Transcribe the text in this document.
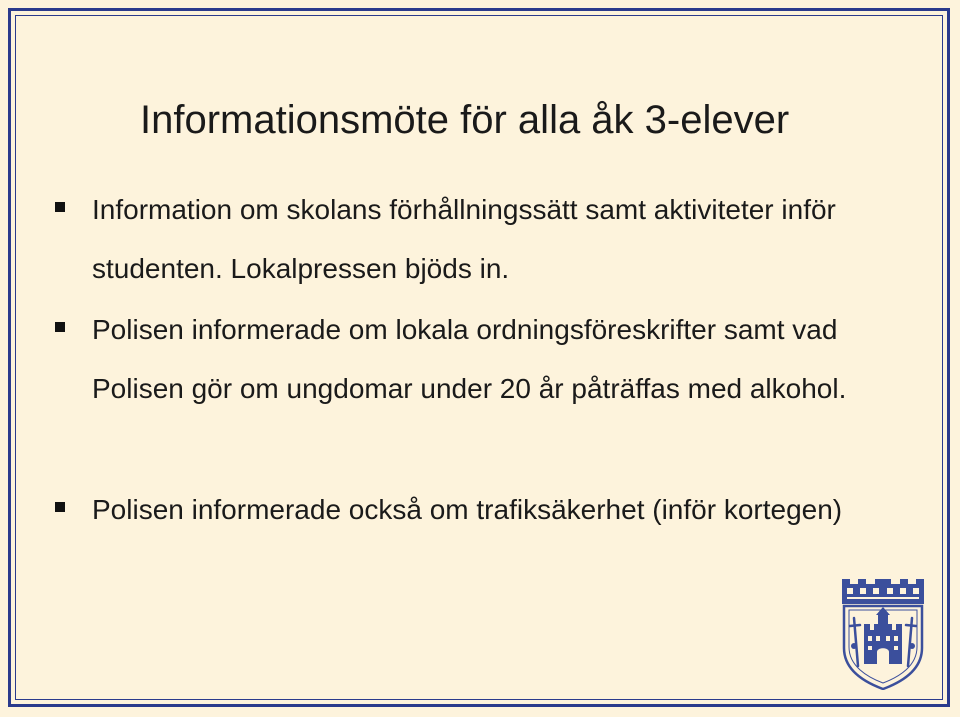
Informationsmöte för alla åk 3-elever
Information om skolans förhållningssätt samt aktiviteter inför studenten. Lokalpressen bjöds in.
Polisen informerade om lokala ordningsföreskrifter samt vad Polisen gör om ungdomar under 20 år påträffas med alkohol.
Polisen informerade också om trafiksäkerhet (inför kortegen)
